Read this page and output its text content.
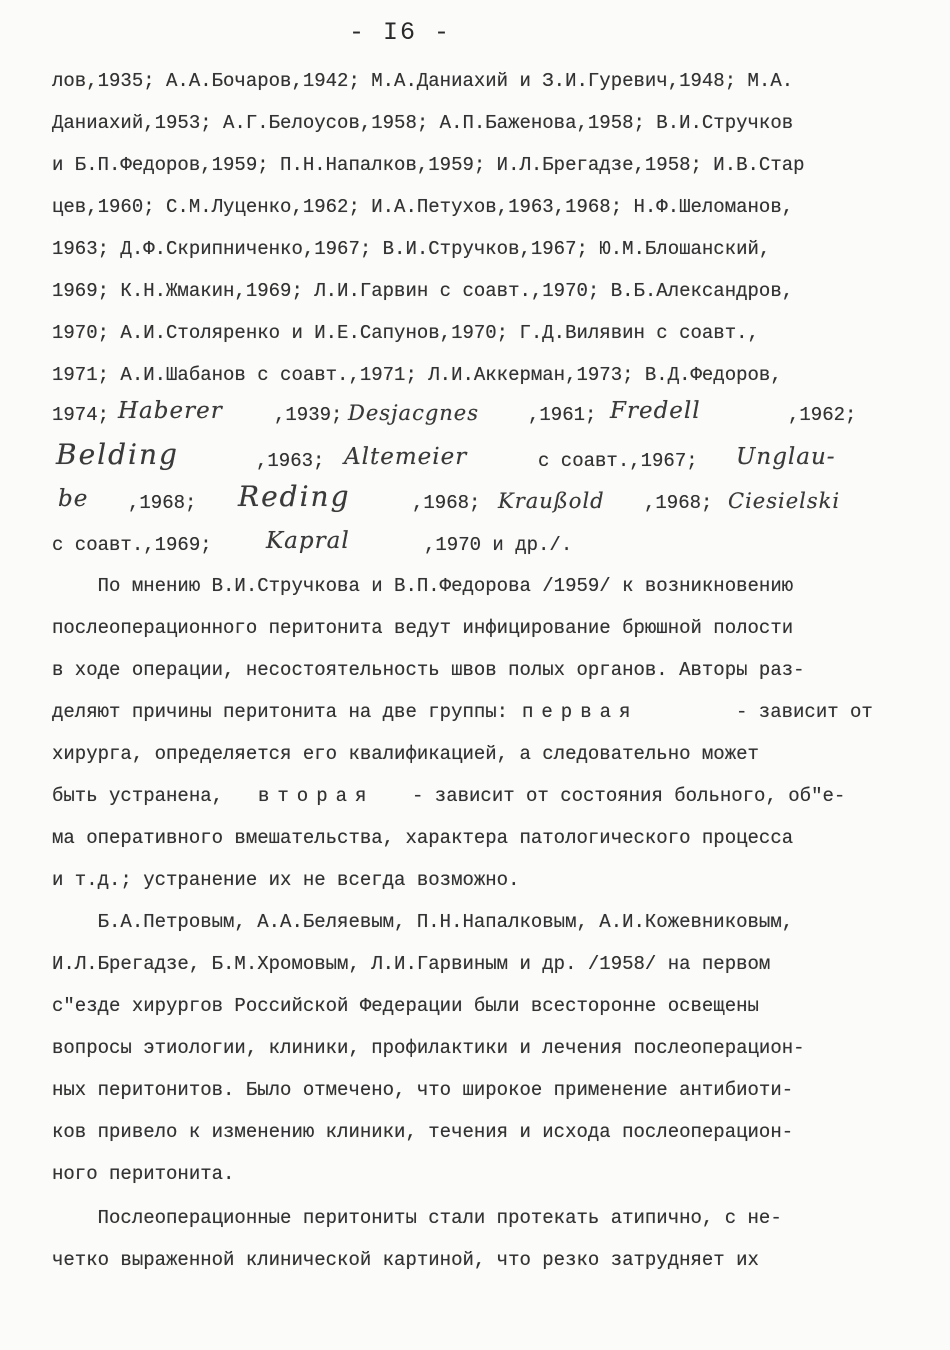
- I6 -
лов,1935; А.А.Бочаров,1942; М.А.Даниахий и З.И.Гуревич,1948; М.А.
Даниахий,1953; А.Г.Белоусов,1958; А.П.Баженова,1958; В.И.Стручков
и Б.П.Федоров,1959; П.Н.Напалков,1959; И.Л.Брегадзе,1958; И.В.Стар
цев,1960; С.М.Луценко,1962; И.А.Петухов,1963,1968; Н.Ф.Шеломанов,
1963; Д.Ф.Скрипниченко,1967; В.И.Стручков,1967; Ю.М.Блошанский,
1969; К.Н.Жмакин,1969; Л.И.Гарвин с соавт.,1970; В.Б.Александров,
1970; А.И.Столяренко и И.Е.Сапунов,1970; Г.Д.Вилявин с соавт.,
1971; А.И.Шабанов с соавт.,1971; Л.И.Аккерман,1973; В.Д.Федоров,
1974; Haberer	,1939; Desjacgnes	,1961; Fredell	,1962;
Belding	,1963; Altemeier	с соавт.,1967; Unglau-
be ,1968; Reding	,1968; Kraußold ,1968; Ciesielski
с соавт.,1969; Kapral	,1970 и др./.
По мнению В.И.Стручкова и В.П.Федорова /1959/ к возникновению
послеоперационного перитонита ведут инфицирование брюшной полости
в ходе операции, несостоятельность швов полых органов. Авторы раз-
деляют причины перитонита на две группы: первая	- зависит от
хирурга, определяется его квалификацией, а следовательно может
быть устранена, вторая - зависит от состояния больного, об"е-
ма оперативного вмешательства, характера патологического процесса
и т.д.; устранение их не всегда возможно.
Б.А.Петровым, А.А.Беляевым, П.Н.Напалковым, А.И.Кожевниковым,
И.Л.Брегадзе, Б.М.Хромовым, Л.И.Гарвиным и др. /1958/ на первом
с"езде хирургов Российской Федерации были всесторонне освещены
вопросы этиологии, клиники, профилактики и лечения послеоперацион-
ных перитонитов. Было отмечено, что широкое применение антибиоти-
ков привело к изменению клиники, течения и исхода послеоперацион-
ного перитонита.
Послеоперационные перитониты стали протекать атипично, с не-
четко выраженной клинической картиной, что резко затрудняет их
